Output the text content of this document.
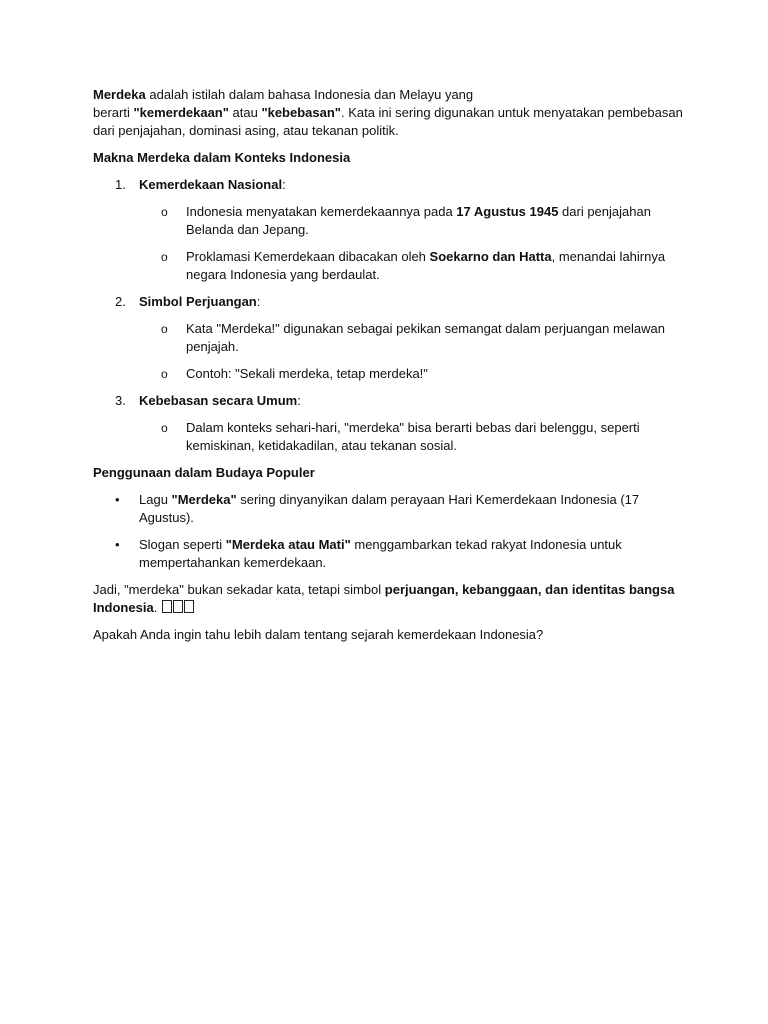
Merdeka adalah istilah dalam bahasa Indonesia dan Melayu yang
berarti "kemerdekaan" atau "kebebasan". Kata ini sering digunakan untuk menyatakan pembebasan dari penjajahan, dominasi asing, atau tekanan politik.

Makna Merdeka dalam Konteks Indonesia

1. Kemerdekaan Nasional:
o Indonesia menyatakan kemerdekaannya pada 17 Agustus 1945 dari penjajahan Belanda dan Jepang.
o Proklamasi Kemerdekaan dibacakan oleh Soekarno dan Hatta, menandai lahirnya negara Indonesia yang berdaulat.
2. Simbol Perjuangan:
o Kata "Merdeka!" digunakan sebagai pekikan semangat dalam perjuangan melawan penjajah.
o Contoh: "Sekali merdeka, tetap merdeka!"
3. Kebebasan secara Umum:
o Dalam konteks sehari-hari, "merdeka" bisa berarti bebas dari belenggu, seperti kemiskinan, ketidakadilan, atau tekanan sosial.

Penggunaan dalam Budaya Populer

• Lagu "Merdeka" sering dinyanyikan dalam perayaan Hari Kemerdekaan Indonesia (17 Agustus).
• Slogan seperti "Merdeka atau Mati" menggambarkan tekad rakyat Indonesia untuk mempertahankan kemerdekaan.

Jadi, "merdeka" bukan sekadar kata, tetapi simbol perjuangan, kebanggaan, dan identitas bangsa Indonesia.

Apakah Anda ingin tahu lebih dalam tentang sejarah kemerdekaan Indonesia?
